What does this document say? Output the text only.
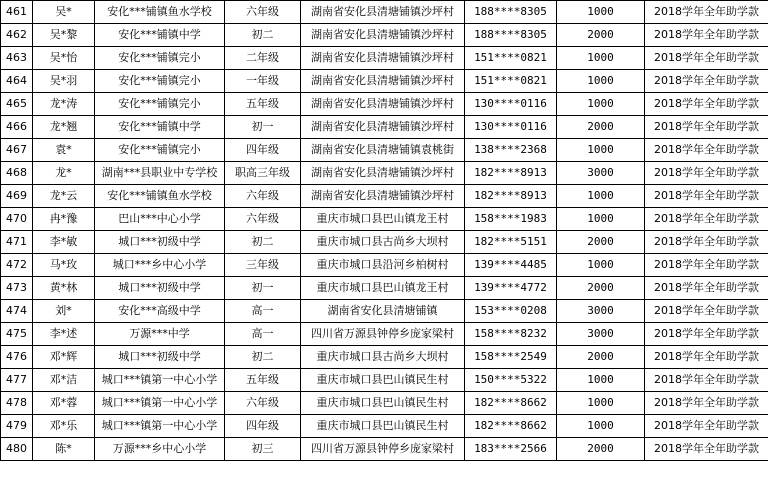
461	吴*	安化***铺镇鱼水学校	六年级	湖南省安化县清塘铺镇沙坪村	188****8305	1000	2018学年全年助学款
462	吴*黎	安化***铺镇中学	初二	湖南省安化县清塘铺镇沙坪村	188****8305	2000	2018学年全年助学款
463	吴*怡	安化***铺镇完小	二年级	湖南省安化县清塘铺镇沙坪村	151****0821	1000	2018学年全年助学款
464	吴*羽	安化***铺镇完小	一年级	湖南省安化县清塘铺镇沙坪村	151****0821	1000	2018学年全年助学款
465	龙*涛	安化***铺镇完小	五年级	湖南省安化县清塘铺镇沙坪村	130****0116	1000	2018学年全年助学款
466	龙*翘	安化***铺镇中学	初一	湖南省安化县清塘铺镇沙坪村	130****0116	2000	2018学年全年助学款
467	袁*	安化***铺镇完小	四年级	湖南省安化县清塘铺镇袁桃街	138****2368	1000	2018学年全年助学款
468	龙*	湖南***县职业中专学校	职高三年级	湖南省安化县清塘铺镇沙坪村	182****8913	3000	2018学年全年助学款
469	龙*云	安化***铺镇鱼水学校	六年级	湖南省安化县清塘铺镇沙坪村	182****8913	1000	2018学年全年助学款
470	冉*豫	巴山***中心小学	六年级	重庆市城口县巴山镇龙王村	158****1983	1000	2018学年全年助学款
471	李*敏	城口***初级中学	初二	重庆市城口县古尚乡大坝村	182****5151	2000	2018学年全年助学款
472	马*玫	城口***乡中心小学	三年级	重庆市城口县沿河乡柏树村	139****4485	1000	2018学年全年助学款
473	黄*林	城口***初级中学	初一	重庆市城口县巴山镇龙王村	139****4772	2000	2018学年全年助学款
474	刘*	安化***高级中学	高一	湖南省安化县清塘铺镇	153****0208	3000	2018学年全年助学款
475	李*述	万源***中学	高一	四川省万源县钟停乡庞家梁村	158****8232	3000	2018学年全年助学款
476	邓*辉	城口***初级中学	初二	重庆市城口县古尚乡大坝村	158****2549	2000	2018学年全年助学款
477	邓*洁	城口***镇第一中心小学	五年级	重庆市城口县巴山镇民生村	150****5322	1000	2018学年全年助学款
478	邓*蓉	城口***镇第一中心小学	六年级	重庆市城口县巴山镇民生村	182****8662	1000	2018学年全年助学款
479	邓*乐	城口***镇第一中心小学	四年级	重庆市城口县巴山镇民生村	182****8662	1000	2018学年全年助学款
480	陈*	万源***乡中心小学	初三	四川省万源县钟停乡庞家梁村	183****2566	2000	2018学年全年助学款
